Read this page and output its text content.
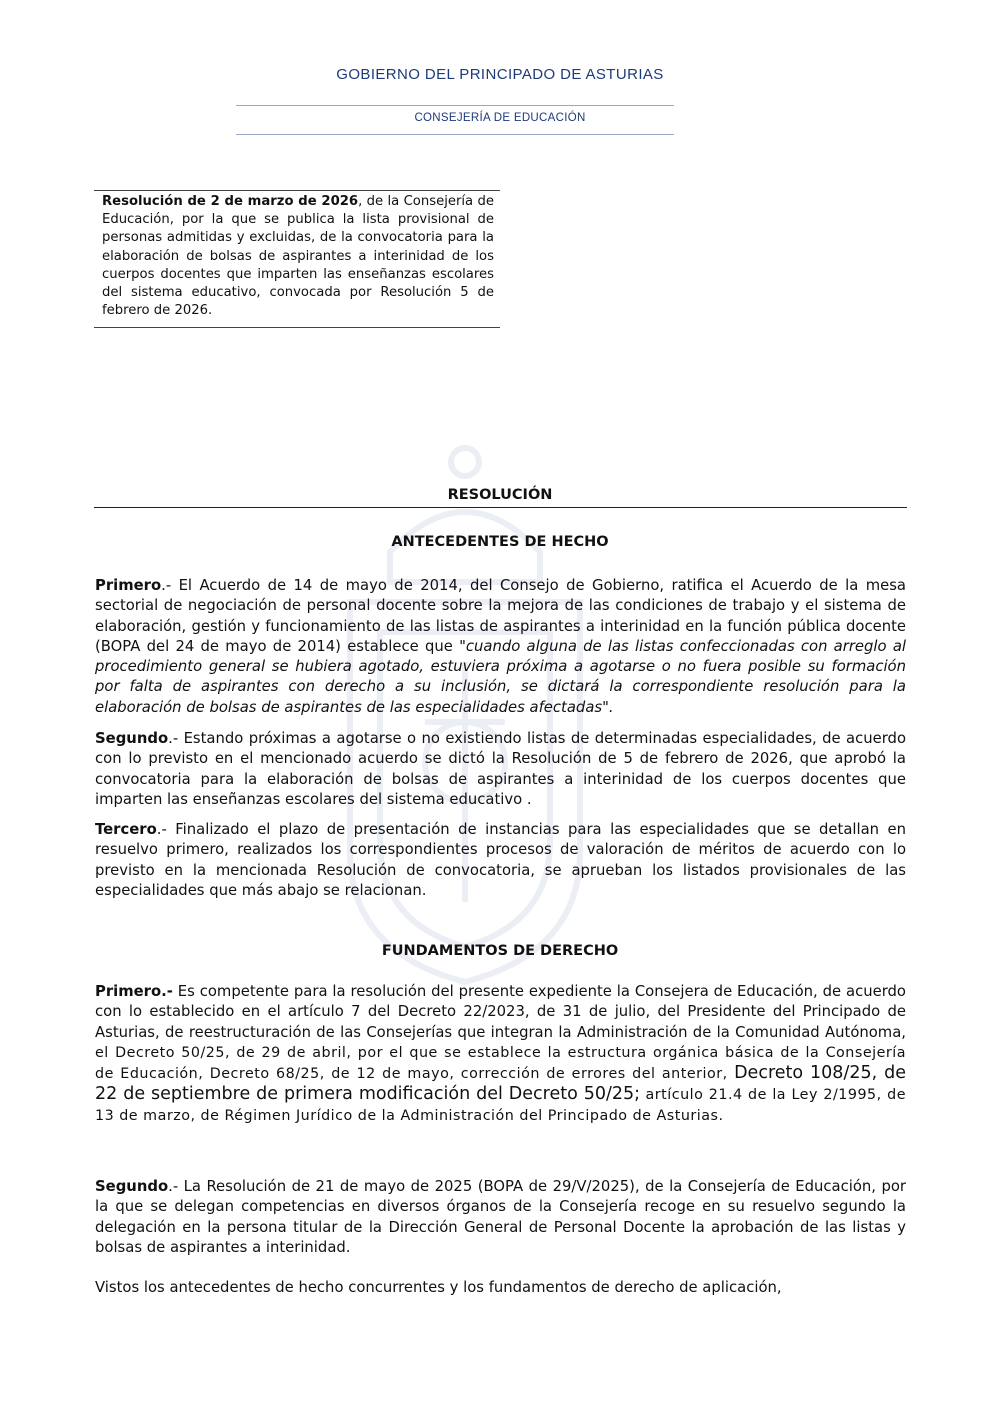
GOBIERNO DEL PRINCIPADO DE ASTURIAS
CONSEJERÍA DE EDUCACIÓN
Resolución de 2 de marzo de 2026, de la Consejería de Educación, por la que se publica la lista provisional de personas admitidas y excluidas, de la convocatoria para la elaboración de bolsas de aspirantes a interinidad de los cuerpos docentes que imparten las enseñanzas escolares del sistema educativo, convocada por Resolución 5 de febrero de 2026.
RESOLUCIÓN
ANTECEDENTES DE HECHO

Primero.- El Acuerdo de 14 de mayo de 2014, del Consejo de Gobierno, ratifica el Acuerdo de la mesa sectorial de negociación de personal docente sobre la mejora de las condiciones de trabajo y el sistema de elaboración, gestión y funcionamiento de las listas de aspirantes a interinidad en la función pública docente (BOPA del 24 de mayo de 2014) establece que "cuando alguna de las listas confeccionadas con arreglo al procedimiento general se hubiera agotado, estuviera próxima a agotarse o no fuera posible su formación por falta de aspirantes con derecho a su inclusión, se dictará la correspondiente resolución para la elaboración de bolsas de aspirantes de las especialidades afectadas".

Segundo.- Estando próximas a agotarse o no existiendo listas de determinadas especialidades, de acuerdo con lo previsto en el mencionado acuerdo se dictó la Resolución de 5 de febrero de 2026, que aprobó la convocatoria para la elaboración de bolsas de aspirantes a interinidad de los cuerpos docentes que imparten las enseñanzas escolares del sistema educativo .

Tercero.- Finalizado el plazo de presentación de instancias para las especialidades que se detallan en resuelvo primero, realizados los correspondientes procesos de valoración de méritos de acuerdo con lo previsto en la mencionada Resolución de convocatoria, se aprueban los listados provisionales de las especialidades que más abajo se relacionan.

FUNDAMENTOS DE DERECHO

Primero.- Es competente para la resolución del presente expediente la Consejera de Educación, de acuerdo con lo establecido en el artículo 7 del Decreto 22/2023, de 31 de julio, del Presidente del Principado de Asturias, de reestructuración de las Consejerías que integran la Administración de la Comunidad Autónoma, el Decreto 50/25, de 29 de abril, por el que se establece la estructura orgánica básica de la Consejería de Educación, Decreto 68/25, de 12 de mayo, corrección de errores del anterior, Decreto 108/25, de 22 de septiembre de primera modificación del Decreto 50/25; artículo 21.4 de la Ley 2/1995, de 13 de marzo, de Régimen Jurídico de la Administración del Principado de Asturias.

Segundo.- La Resolución de 21 de mayo de 2025 (BOPA de 29/V/2025), de la Consejería de Educación, por la que se delegan competencias en diversos órganos de la Consejería recoge en su resuelvo segundo la delegación en la persona titular de la Dirección General de Personal Docente la aprobación de las listas y bolsas de aspirantes a interinidad.

Vistos los antecedentes de hecho concurrentes y los fundamentos de derecho de aplicación,
